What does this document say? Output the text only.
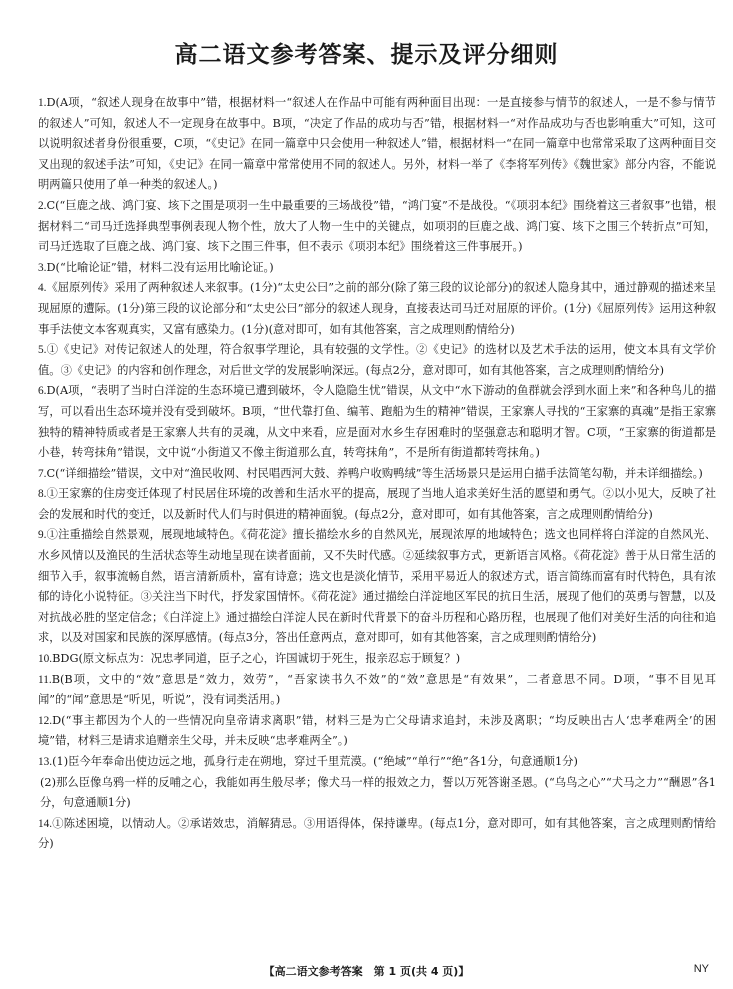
高二语文参考答案、提示及评分细则

1.D(A项，“叙述人现身在故事中”错，根据材料一“叙述人在作品中可能有两种面目出现：一是直接参与情节的叙述人，一是不参与情节的叙述人”可知，叙述人不一定现身在故事中。B项，“决定了作品的成功与否”错，根据材料一“对作品成功与否也影响重大”可知，这可以说明叙述者身份很重要，C项，“《史记》在同一篇章中只会使用一种叙述人”错，根据材料一“在同一篇章中也常常采取了这两种面目交叉出现的叙述手法”可知，《史记》在同一篇章中常常使用不同的叙述人。另外，材料一举了《李将军列传》《魏世家》部分内容，不能说明两篇只使用了单一种类的叙述人。)

2.C(“巨鹿之战、鸿门宴、垓下之围是项羽一生中最重要的三场战役”错，“鸿门宴”不是战役。“《项羽本纪》围绕着这三者叙事”也错，根据材料二“司马迁选择典型事例表现人物个性，放大了人物一生中的关键点，如项羽的巨鹿之战、鸿门宴、垓下之围三个转折点”可知，司马迁选取了巨鹿之战、鸿门宴、垓下之围三件事，但不表示《项羽本纪》围绕着这三件事展开。)

3.D(“比喻论证”错，材料二没有运用比喻论证。)

4.《屈原列传》采用了两种叙述人来叙事。(1分)“太史公曰”之前的部分(除了第三段的议论部分)的叙述人隐身其中，通过静观的描述来呈现屈原的遭际。(1分)第三段的议论部分和“太史公曰”部分的叙述人现身，直接表达司马迁对屈原的评价。(1分)《屈原列传》运用这种叙事手法使文本客观真实，又富有感染力。(1分)(意对即可，如有其他答案，言之成理则酌情给分)

5.①《史记》对传记叙述人的处理，符合叙事学理论，具有较强的文学性。②《史记》的选材以及艺术手法的运用，使文本具有文学价值。③《史记》的内容和创作理念，对后世文学的发展影响深远。(每点2分，意对即可，如有其他答案，言之成理则酌情给分)

6.D(A项，“表明了当时白洋淀的生态环境已遭到破坏，令人隐隐生忧”错误，从文中“水下游动的鱼群就会浮到水面上来”和各种鸟儿的描写，可以看出生态环境并没有受到破坏。B项，“世代靠打鱼、编苇、跑船为生的精神”错误，王家寨人寻找的“王家寨的真魂”是指王家寨独特的精神特质或者是王家寨人共有的灵魂，从文中来看，应是面对水乡生存困难时的坚强意志和聪明才智。C项，“王家寨的街道都是小巷，转弯抹角”错误，文中说“小街道又不像主街道那么直，转弯抹角”，不是所有街道都转弯抹角。)

7.C(“详细描绘”错误，文中对“渔民收网、村民唱西河大鼓、养鸭户收购鸭绒”等生活场景只是运用白描手法简笔勾勒，并未详细描绘。)

8.①王家寨的住房变迁体现了村民居住环境的改善和生活水平的提高，展现了当地人追求美好生活的愿望和勇气。②以小见大，反映了社会的发展和时代的变迁，以及新时代人们与时俱进的精神面貌。(每点2分，意对即可，如有其他答案，言之成理则酌情给分)

9.①注重描绘自然景观，展现地域特色。《荷花淀》擅长描绘水乡的自然风光，展现浓厚的地域特色；选文也同样将白洋淀的自然风光、水乡风情以及渔民的生活状态等生动地呈现在读者面前，又不失时代感。②延续叙事方式，更新语言风格。《荷花淀》善于从日常生活的细节入手，叙事流畅自然，语言清新质朴，富有诗意；选文也是淡化情节，采用平易近人的叙述方式，语言简练而富有时代特色，具有浓郁的诗化小说特征。③关注当下时代，抒发家国情怀。《荷花淀》通过描绘白洋淀地区军民的抗日生活，展现了他们的英勇与智慧，以及对抗战必胜的坚定信念；《白洋淀上》通过描绘白洋淀人民在新时代背景下的奋斗历程和心路历程，也展现了他们对美好生活的向往和追求，以及对国家和民族的深厚感情。(每点3分，答出任意两点，意对即可，如有其他答案，言之成理则酌情给分)

10.BDG(原文标点为：况忠孝同道，臣子之心，许国诚切于死生，报亲忍忘于顾复？)

11.B(B项，文中的“效”意思是“效力，效劳”，“吾家读书久不效”的“效”意思是“有效果”，二者意思不同。D项，“事不目见耳闻”的“闻”意思是“听见，听说”，没有词类活用。)

12.D(“事主都因为个人的一些情况向皇帝请求离职”错，材料三是为亡父母请求追封，未涉及离职；“均反映出古人‘忠孝难两全’的困境”错，材料三是请求追赠亲生父母，并未反映“忠孝难两全”。)

13.(1)臣今年奉命出使边远之地，孤身行走在朔地，穿过千里荒漠。(“绝域”“单行”“绝”各1分，句意通顺1分)

(2)那么臣像乌鸦一样的反哺之心，我能如再生般尽孝；像犬马一样的报效之力，誓以万死答谢圣恩。(“乌鸟之心”“犬马之力”“酬恩”各1分，句意通顺1分)

14.①陈述困境，以情动人。②承诺效忠，消解猜忌。③用语得体，保持谦卑。(每点1分，意对即可，如有其他答案，言之成理则酌情给分)

【高二语文参考答案　第 1 页(共 4 页)】	NY
